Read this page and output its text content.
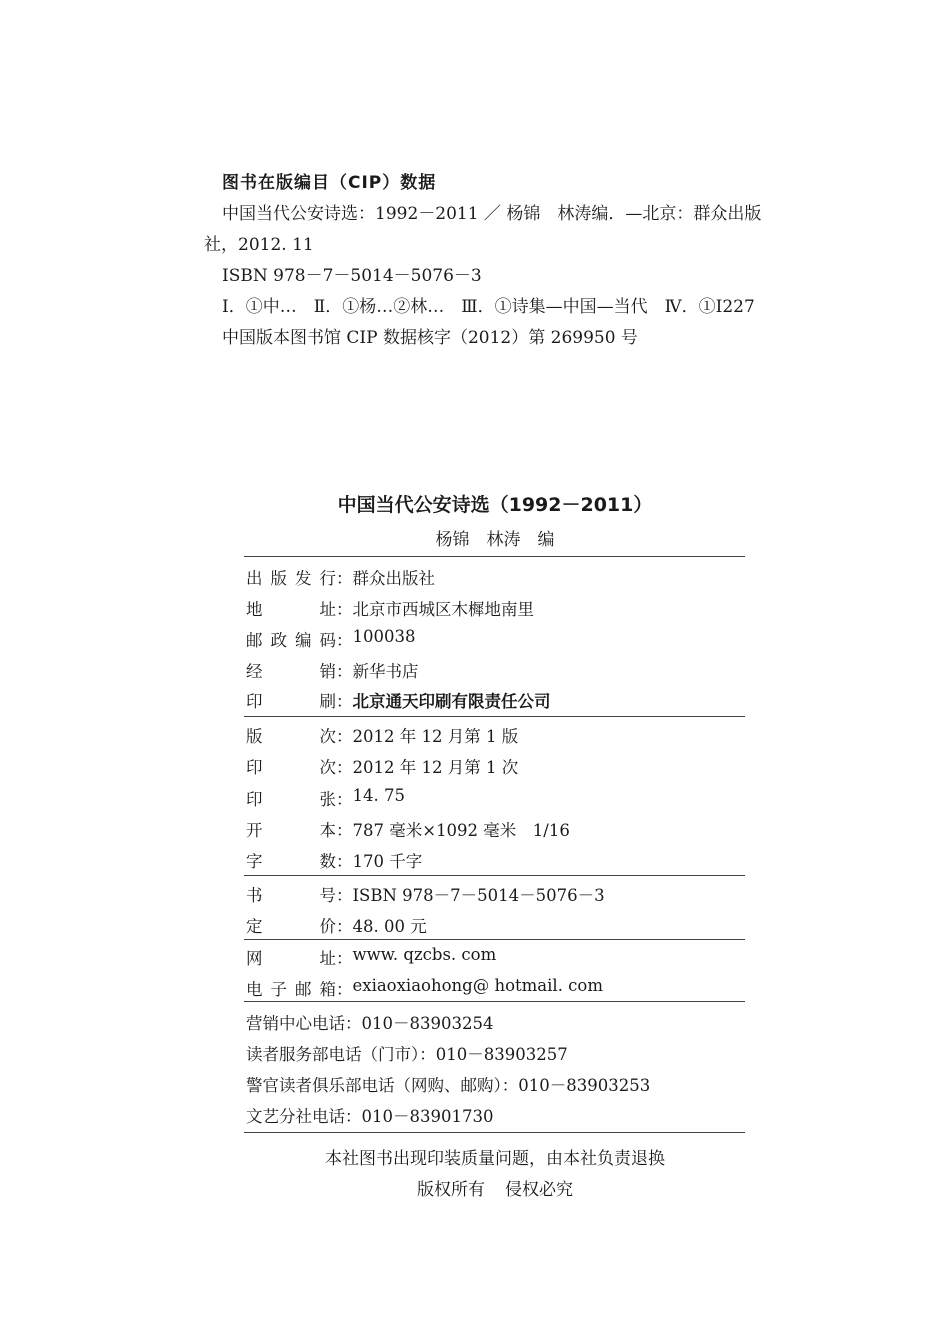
图书在版编目（CIP）数据
中国当代公安诗选：1992－2011 ／ 杨锦　林涛编．—北京：群众出版
社，2012. 11
ISBN 978－7－5014－5076－3
Ⅰ．①中…　Ⅱ．①杨…②林…　Ⅲ．①诗集—中国—当代　Ⅳ．①I227
中国版本图书馆 CIP 数据核字（2012）第 269950 号
中国当代公安诗选（1992－2011）
杨锦　林涛　编
出版发行 ： 群众出版社
地址 ： 北京市西城区木樨地南里
邮政编码 ： 100038
经销 ： 新华书店
印刷 ： 北京通天印刷有限责任公司
版次 ： 2012 年 12 月第 1 版
印次 ： 2012 年 12 月第 1 次
印张 ： 14. 75
开本 ： 787 毫米×1092 毫米　1/16
字数 ： 170 千字
书号 ： ISBN 978－7－5014－5076－3
定价 ： 48. 00 元
网址 ： www. qzcbs. com
电子邮箱 ： exiaoxiaohong@ hotmail. com
营销中心电话：010－83903254
读者服务部电话（门市）：010－83903257
警官读者俱乐部电话（网购、邮购）：010－83903253
文艺分社电话：010－83901730
本社图书出现印装质量问题，由本社负责退换
版权所有 侵权必究
